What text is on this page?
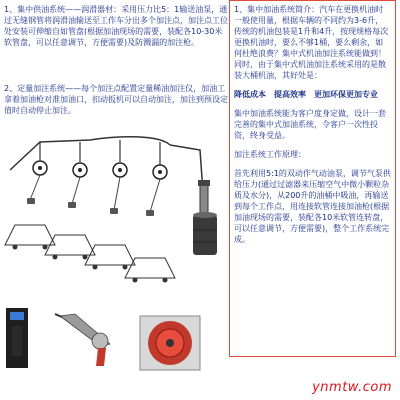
1、集中供油系统——润滑器材：采用压力比5：1输送油泵，通过无缝钢管将润滑油输送至工作车分出多个加注点，加注点工位处安装可伸缩自如管盘(根据加油现场的需要，装配各10-30米软管盘，可以任意调节，方便需要)及防溅漏的加注枪。
2、定量加注系统——每个加注点配置定量稀油加注仪，加油工拿着加油枪对准加油口，扣动扳机可以自动加注，加注到预设定值时自动停止加注。

1、集中加油系统简介：汽车在更换机油时一般使用量，根据车辆的不同约为3-6升，传统的机油包装是1升和4升，按现规格每次更换机油时，要么不够1桶，要么剩余，如何杜绝浪费？集中式机油加注系统能做到！

同时，由于集中式机油加注系统采用的是散装大桶机油，其好处是：

降低成本　提高效率　更加环保更加专业

集中加油系统能为客户度身定做，设计一套完善的集中式加油系统，令客户一次性投资，终身受益。

加注系统工作原理：

首先利用5:1的双动作气动油泵，调节气泵供给压力(通过过滤器来压缩空气中微小颗粒杂质及水分)，从200升的油桶中吸油，再输送到每个工作点，用连接软管连接加油枪(根据加油现场的需要，装配各10米软管连转盘，可以任意调节，方便需要)，整个工作系统完成。

ynmtw.com
